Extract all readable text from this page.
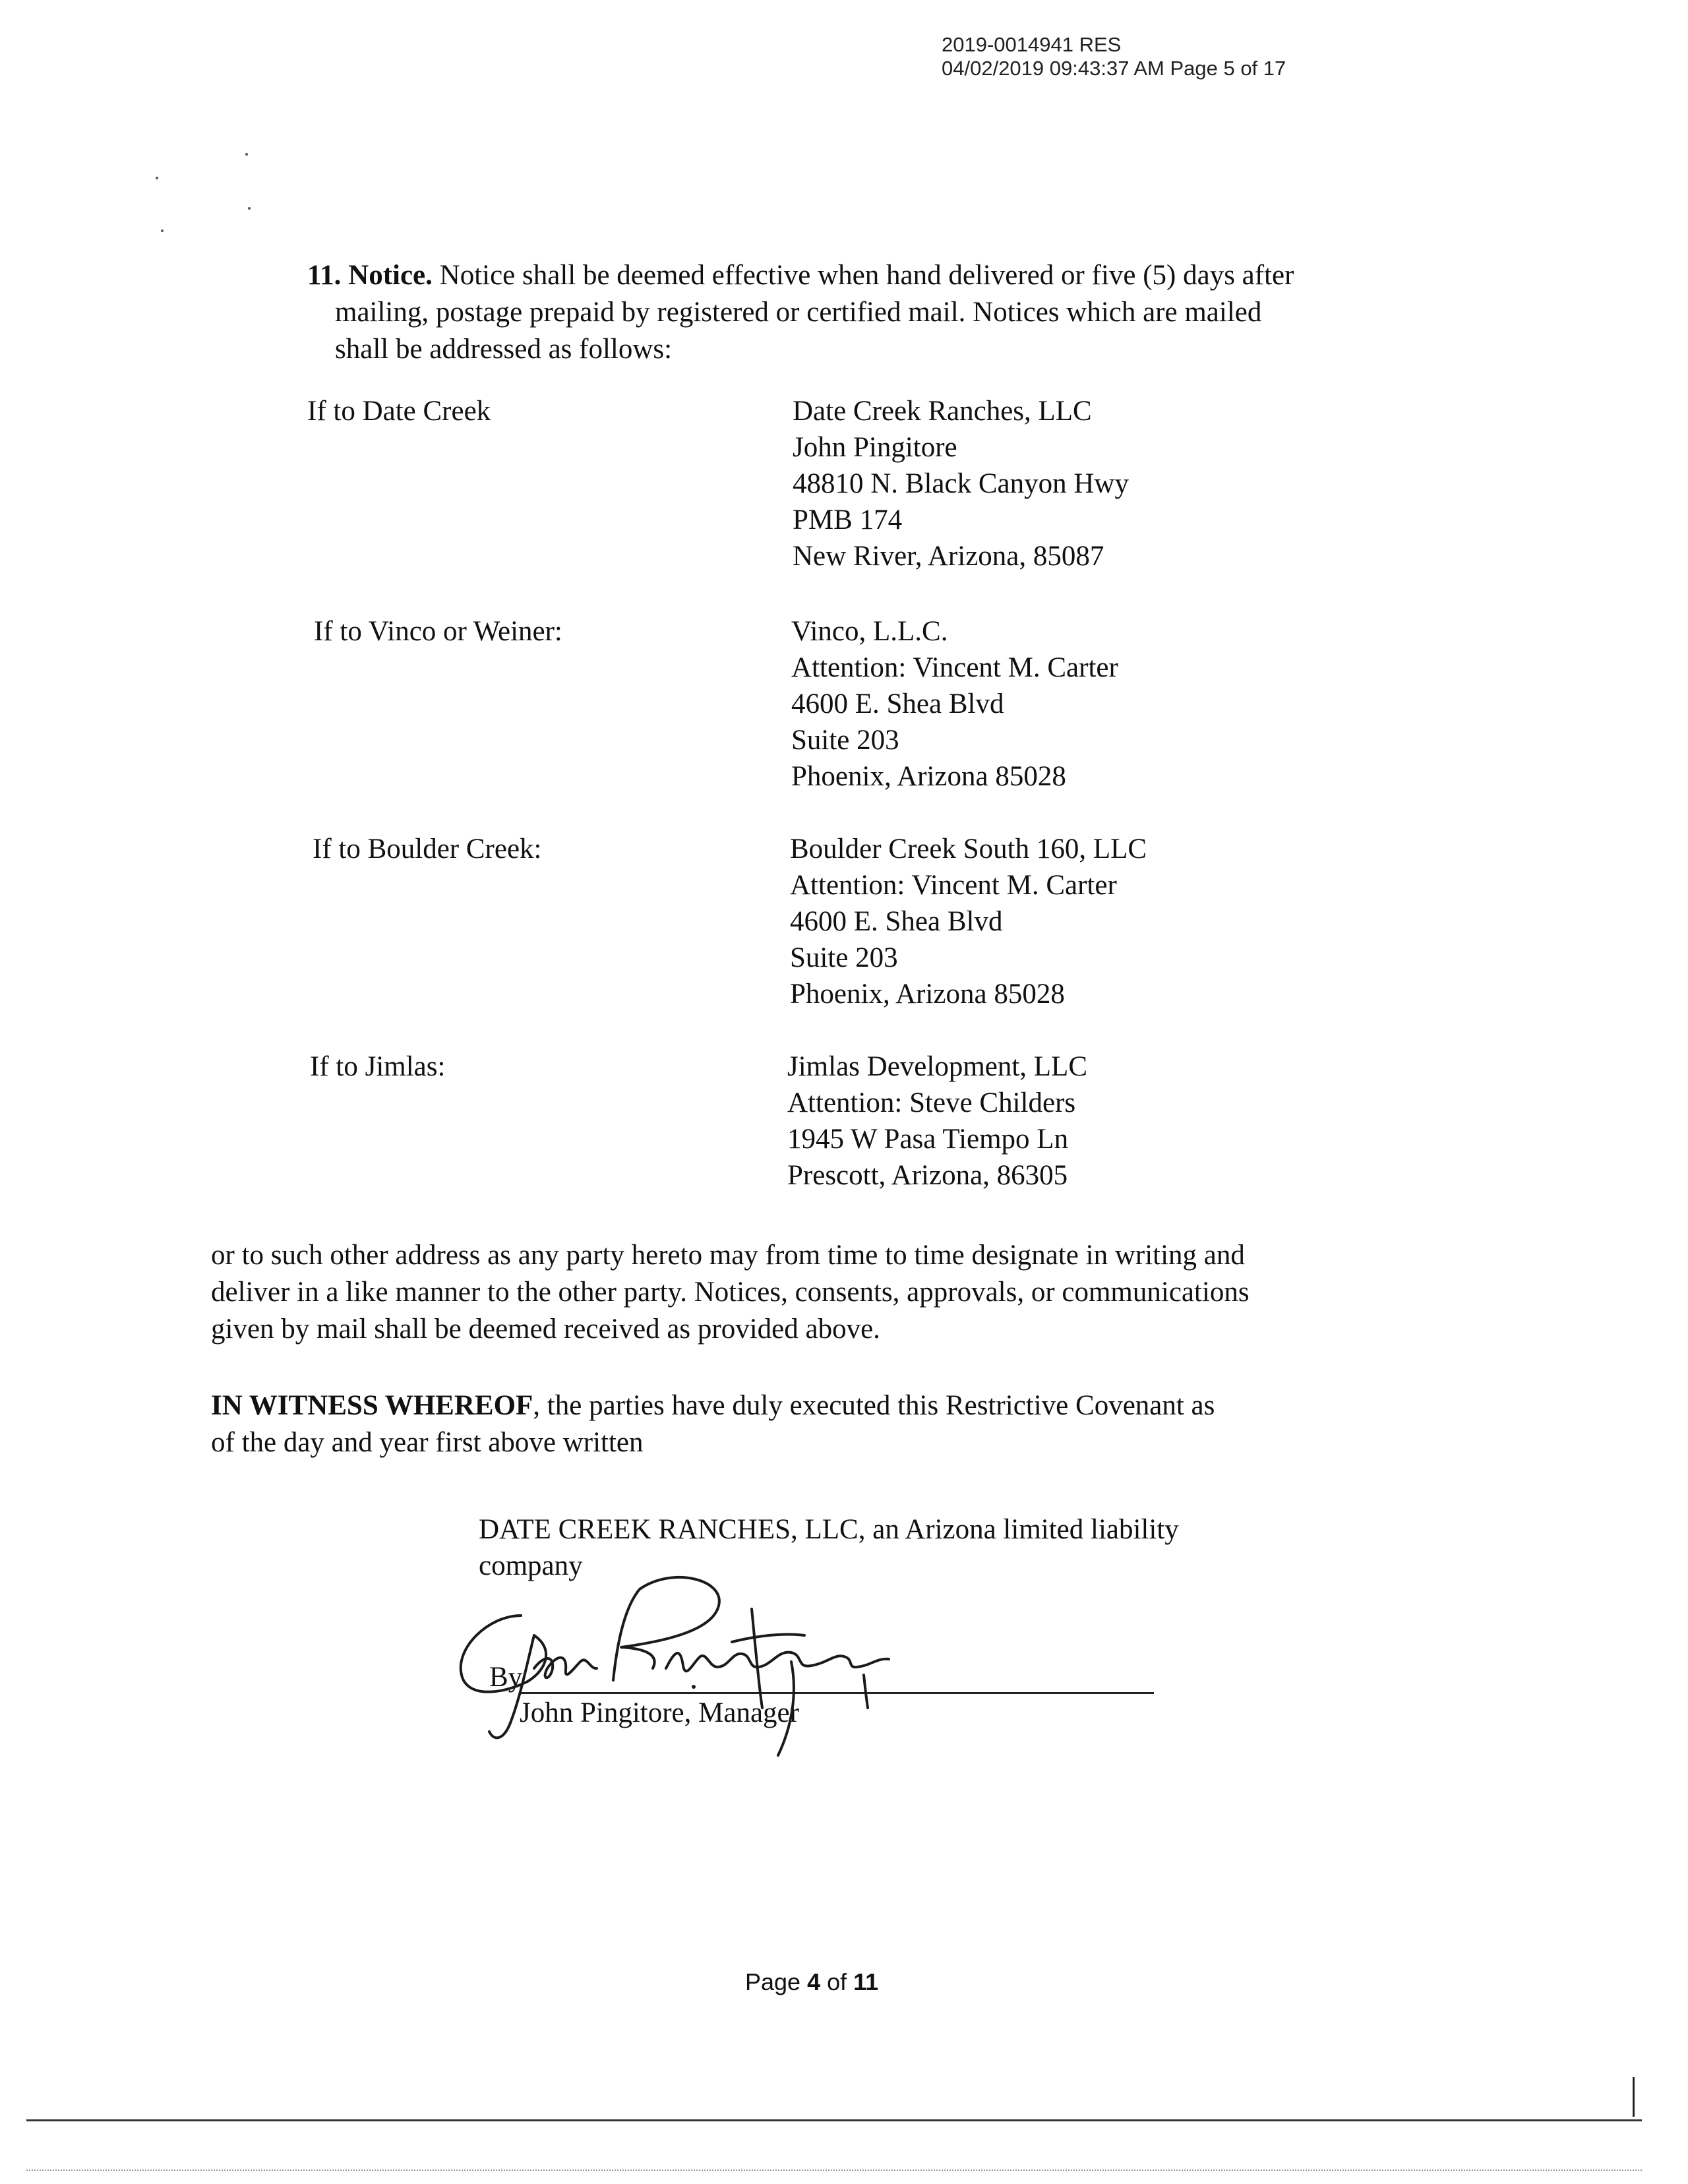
2019-0014941 RES
04/02/2019 09:43:37 AM Page 5 of 17

11. Notice. Notice shall be deemed effective when hand delivered or five (5) days after

mailing, postage prepaid by registered or certified mail. Notices which are mailed

shall be addressed as follows:

If to Date Creek	Date Creek Ranches, LLC
John Pingitore
48810 N. Black Canyon Hwy
PMB 174
New River, Arizona, 85087
If to Vinco or Weiner:	Vinco, L.L.C.
Attention: Vincent M. Carter
4600 E. Shea Blvd
Suite 203
Phoenix, Arizona 85028
If to Boulder Creek:	Boulder Creek South 160, LLC
Attention: Vincent M. Carter
4600 E. Shea Blvd
Suite 203
Phoenix, Arizona 85028
If to Jimlas:	Jimlas Development, LLC
Attention: Steve Childers
1945 W Pasa Tiempo Ln
Prescott, Arizona, 86305

or to such other address as any party hereto may from time to time designate in writing and

deliver in a like manner to the other party. Notices, consents, approvals, or communications

given by mail shall be deemed received as provided above.

IN WITNESS WHEREOF, the parties have duly executed this Restrictive Covenant as

of the day and year first above written

DATE CREEK RANCHES, LLC, an Arizona limited liability
company
By
John Pingitore, Manager
Page 4 of 11
